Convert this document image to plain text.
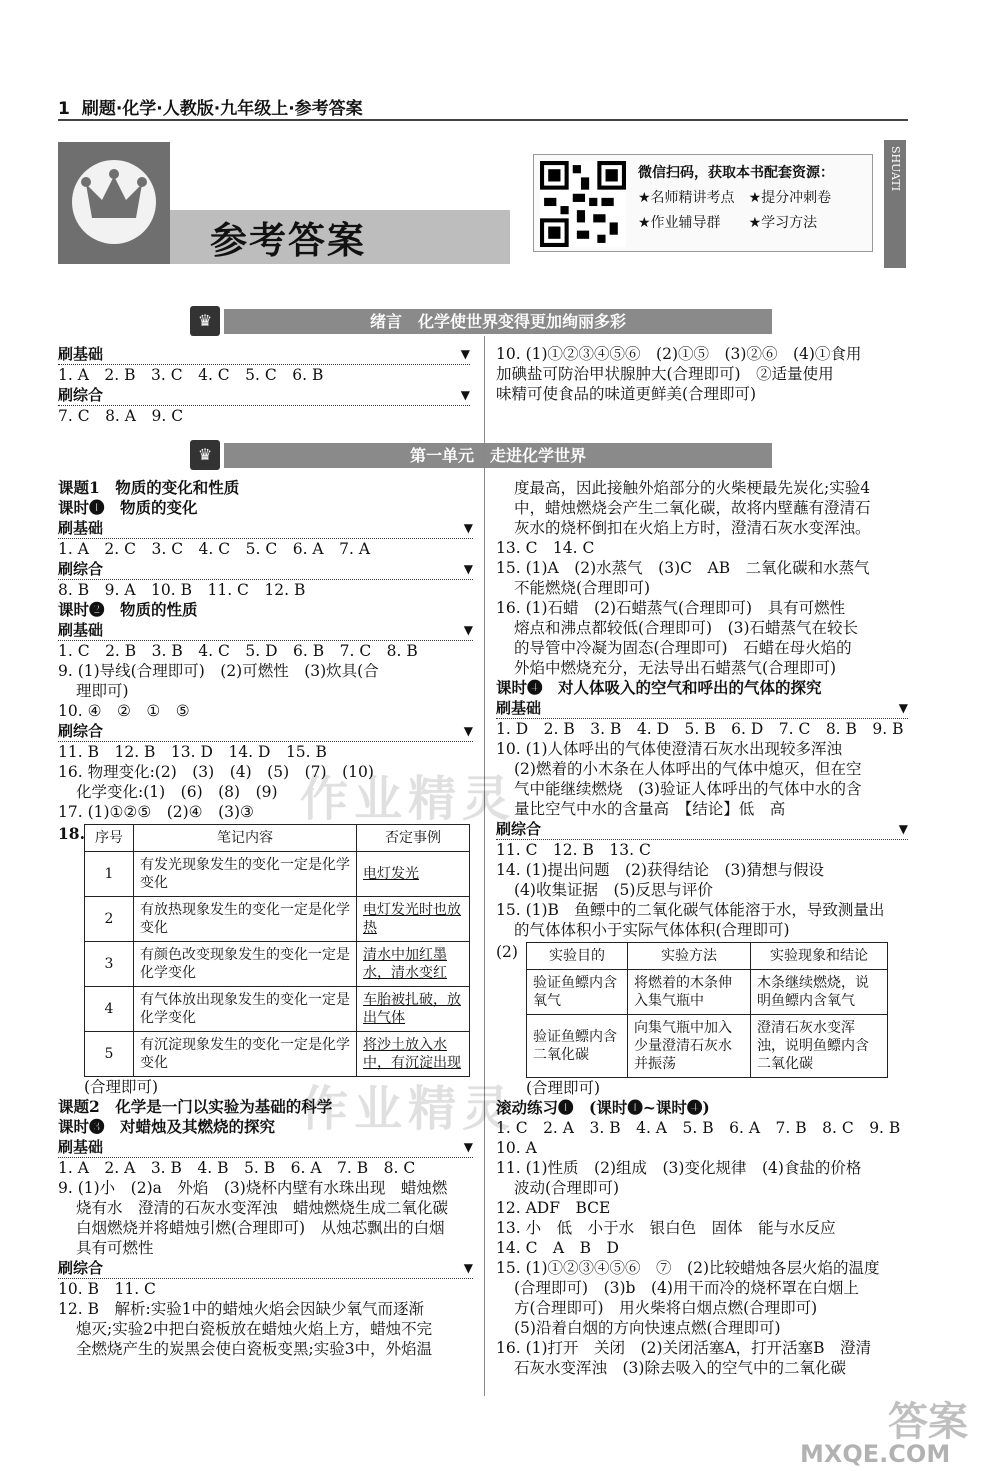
1 刷题·化学·人教版·九年级上·参考答案
参考答案
微信扫码，获取本书配套资源：
★名师精讲考点　 ★提分冲刺卷
★作业辅导群　　 ★学习方法
SHUATI
♛	绪言　化学使世界变得更加绚丽多彩
刷基础 ▼
1. A　2. B　3. C　4. C　5. C　6. B
刷综合 ▼
7. C　8. A　9. C
10. (1)①②③④⑤⑥　(2)①⑤　(3)②⑥　(4)①食用
加碘盐可防治甲状腺肿大(合理即可)　②适量使用
味精可使食品的味道更鲜美(合理即可)
♛	第一单元　走进化学世界
课题1　物质的变化和性质
课时❶　物质的变化
刷基础 ▼
1. A　2. C　3. C　4. C　5. C　6. A　7. A
刷综合 ▼
8. B　9. A　10. B　11. C　12. B
课时❷　物质的性质
刷基础 ▼
1. C　2. B　3. B　4. C　5. D　6. B　7. C　8. B
9. (1)导线(合理即可)　(2)可燃性　(3)炊具(合
理即可)
10. ④　②　①　⑤
刷综合 ▼
11. B　12. B　13. D　14. D　15. B
16. 物理变化:(2)　(3)　(4)　(5)　(7)　(10)
化学变化:(1)　(6)　(8)　(9)
17. (1)①②⑤　(2)④　(3)③
18. 序号	笔记内容	否定事例
1	有发光现象发生的变化一定是化学变化	电灯发光
2	有放热现象发生的变化一定是化学变化	电灯发光时也放热
3	有颜色改变现象发生的变化一定是化学变化	清水中加红墨水，清水变红
4	有气体放出现象发生的变化一定是化学变化	车胎被扎破，放出气体
5	有沉淀现象发生的变化一定是化学变化	将沙土放入水中，有沉淀出现
(合理即可)
课题2　化学是一门以实验为基础的科学
课时❸　对蜡烛及其燃烧的探究
刷基础 ▼
1. A　2. A　3. B　4. B　5. B　6. A　7. B　8. C
9. (1)小　(2)a　外焰　(3)烧杯内壁有水珠出现　蜡烛燃
烧有水　澄清的石灰水变浑浊　蜡烛燃烧生成二氧化碳
白烟燃烧并将蜡烛引燃(合理即可)　从烛芯飘出的白烟
具有可燃性
刷综合 ▼
10. B　11. C
12. B　解析:实验1中的蜡烛火焰会因缺少氧气而逐渐
熄灭;实验2中把白瓷板放在蜡烛火焰上方，蜡烛不完
全燃烧产生的炭黑会使白瓷板变黑;实验3中，外焰温
度最高，因此接触外焰部分的火柴梗最先炭化;实验4
中，蜡烛燃烧会产生二氧化碳，故将内壁蘸有澄清石
灰水的烧杯倒扣在火焰上方时，澄清石灰水变浑浊。
13. C　14. C
15. (1)A　(2)水蒸气　(3)C　AB　二氧化碳和水蒸气
不能燃烧(合理即可)
16. (1)石蜡　(2)石蜡蒸气(合理即可)　具有可燃性
熔点和沸点都较低(合理即可)　(3)石蜡蒸气在较长
的导管中冷凝为固态(合理即可)　石蜡在母火焰的
外焰中燃烧充分，无法导出石蜡蒸气(合理即可)
课时❹　对人体吸入的空气和呼出的气体的探究
刷基础 ▼
1. D　2. B　3. B　4. D　5. B　6. D　7. C　8. B　9. B
10. (1)人体呼出的气体使澄清石灰水出现较多浑浊
(2)燃着的小木条在人体呼出的气体中熄灭，但在空
气中能继续燃烧　(3)验证人体呼出的气体中水的含
量比空气中水的含量高　【结论】低　高
刷综合 ▼
11. C　12. B　13. C
14. (1)提出问题　(2)获得结论　(3)猜想与假设
(4)收集证据　(5)反思与评价
15. (1)B　鱼鳔中的二氧化碳气体能溶于水，导致测量出
的气体体积小于实际气体体积(合理即可)
(2)	实验目的	实验方法	实验现象和结论
验证鱼鳔内含氧气	将燃着的木条伸入集气瓶中	木条继续燃烧，说明鱼鳔内含氧气
验证鱼鳔内含二氧化碳	向集气瓶中加入少量澄清石灰水并振荡	澄清石灰水变浑浊，说明鱼鳔内含二氧化碳
(合理即可)
滚动练习❶　(课时❶~课时❹)
1. C　2. A　3. B　4. A　5. B　6. A　7. B　8. C　9. B
10. A
11. (1)性质　(2)组成　(3)变化规律　(4)食盐的价格
波动(合理即可)
12. ADF　BCE
13. 小　低　小于水　银白色　固体　能与水反应
14. C　A　B　D
15. (1)①②③④⑤⑥　⑦　(2)比较蜡烛各层火焰的温度
(合理即可)　(3)b　(4)用干而冷的烧杯罩在白烟上
方(合理即可)　用火柴将白烟点燃(合理即可)
(5)沿着白烟的方向快速点燃(合理即可)
16. (1)打开　关闭　(2)关闭活塞A，打开活塞B　澄清
石灰水变浑浊　(3)除去吸入的空气中的二氧化碳
作业精灵
作业精灵
答案
MXQE.COM
